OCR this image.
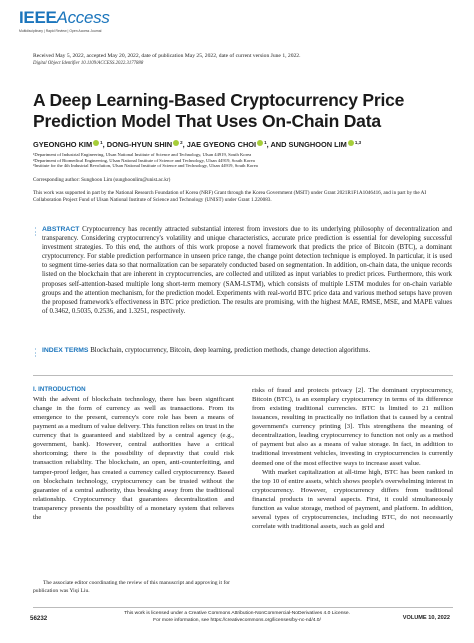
IEEEAccess
Multidisciplinary | Rapid Review | Open Access Journal
Received May 5, 2022, accepted May 20, 2022, date of publication May 25, 2022, date of current version June 1, 2022.
Digital Object Identifier 10.1109/ACCESS.2022.3177888
A Deep Learning-Based Cryptocurrency Price Prediction Model That Uses On-Chain Data
GYEONGHO KIM $^1$, DONG-HYUN SHIN $^2$, JAE GYEONG CHOI $^1$, AND SUNGHOON LIM $^{1,3}$
¹Department of Industrial Engineering, Ulsan National Institute of Science and Technology, Ulsan 44919, South Korea
²Department of Biomedical Engineering, Ulsan National Institute of Science and Technology, Ulsan 44919, South Korea
³Institute for the 4th Industrial Revolution, Ulsan National Institute of Science and Technology, Ulsan 44919, South Korea
Corresponding author: Sunghoon Lim (sunghoonlim@unist.ac.kr)
This work was supported in part by the National Research Foundation of Korea (NRF) Grant through the Korea Government (MSIT) under Grant 2021R1F1A1046416, and in part by the AI Collaboration Project Fund of Ulsan National Institute of Science and Technology (UNIST) under Grant 1.220083.
•
•
•
ABSTRACT Cryptocurrency has recently attracted substantial interest from investors due to its underlying philosophy of decentralization and transparency. Considering cryptocurrency's volatility and unique characteristics, accurate price prediction is essential for developing successful investment strategies. To this end, the authors of this work propose a novel framework that predicts the price of Bitcoin (BTC), a dominant cryptocurrency. For stable prediction performance in unseen price range, the change point detection technique is employed. In particular, it is used to segment time-series data so that normalization can be separately conducted based on segmentation. In addition, on-chain data, the unique records listed on the blockchain that are inherent in cryptocurrencies, are collected and utilized as input variables to predict prices. Furthermore, this work proposes self-attention-based multiple long short-term memory (SAM-LSTM), which consists of multiple LSTM modules for on-chain variable groups and the attention mechanism, for the prediction model. Experiments with real-world BTC price data and various method setups have proven the proposed framework's effectiveness in BTC price prediction. The results are promising, with the highest MAE, RMSE, MSE, and MAPE values of 0.3462, 0.5035, 0.2536, and 1.3251, respectively.
•
•
•
INDEX TERMS Blockchain, cryptocurrency, Bitcoin, deep learning, prediction methods, change detection algorithms.
I. INTRODUCTION
With the advent of blockchain technology, there has been significant change in the form of currency as well as transactions. From its emergence to the present, currency's core role has been a means of payment as a medium of value delivery. This function relies on trust in the currency that is guaranteed and stabilized by a central agency (e.g., government, bank). However, central authorities have a critical shortcoming; there is the possibility of depravity that could risk transaction reliability. The blockchain, an open, anti-counterfeiting, and tamper-proof ledger, has created a currency called cryptocurrency. Based on blockchain technology, cryptocurrency can be trusted without the guarantee of a central authority, thus breaking away from the traditional relationship. Cryptocurrency that guarantees decentralization and transparency presents the possibility of a monetary system that relieves the
The associate editor coordinating the review of this manuscript and approving it for publication was Yiqi Liu.
risks of fraud and protects privacy [2]. The dominant cryptocurrency, Bitcoin (BTC), is an exemplary cryptocurrency in terms of its difference from existing traditional currencies. BTC is limited to 21 million issuances, resulting in practically no inflation that is caused by a central government's currency printing [3]. This strengthens the meaning of decentralization, leading cryptocurrency to function not only as a method of payment but also as a means of value storage. In fact, in addition to traditional investment vehicles, investing in cryptocurrencies is currently deemed one of the most effective ways to increase asset value.
With market capitalization at all-time high, BTC has been ranked in the top 10 of entire assets, which shows people's overwhelming interest in cryptocurrency. However, cryptocurrency differs from traditional financial products in several aspects. First, it could simultaneously function as value storage, method of payment, and platform. In addition, several types of cryptocurrencies, including BTC, do not necessarily correlate with traditional assets, such as gold and
56232
This work is licensed under a Creative Commons Attribution-NonCommercial-NoDerivatives 4.0 License.
For more information, see https://creativecommons.org/licenses/by-nc-nd/4.0/	VOLUME 10, 2022
